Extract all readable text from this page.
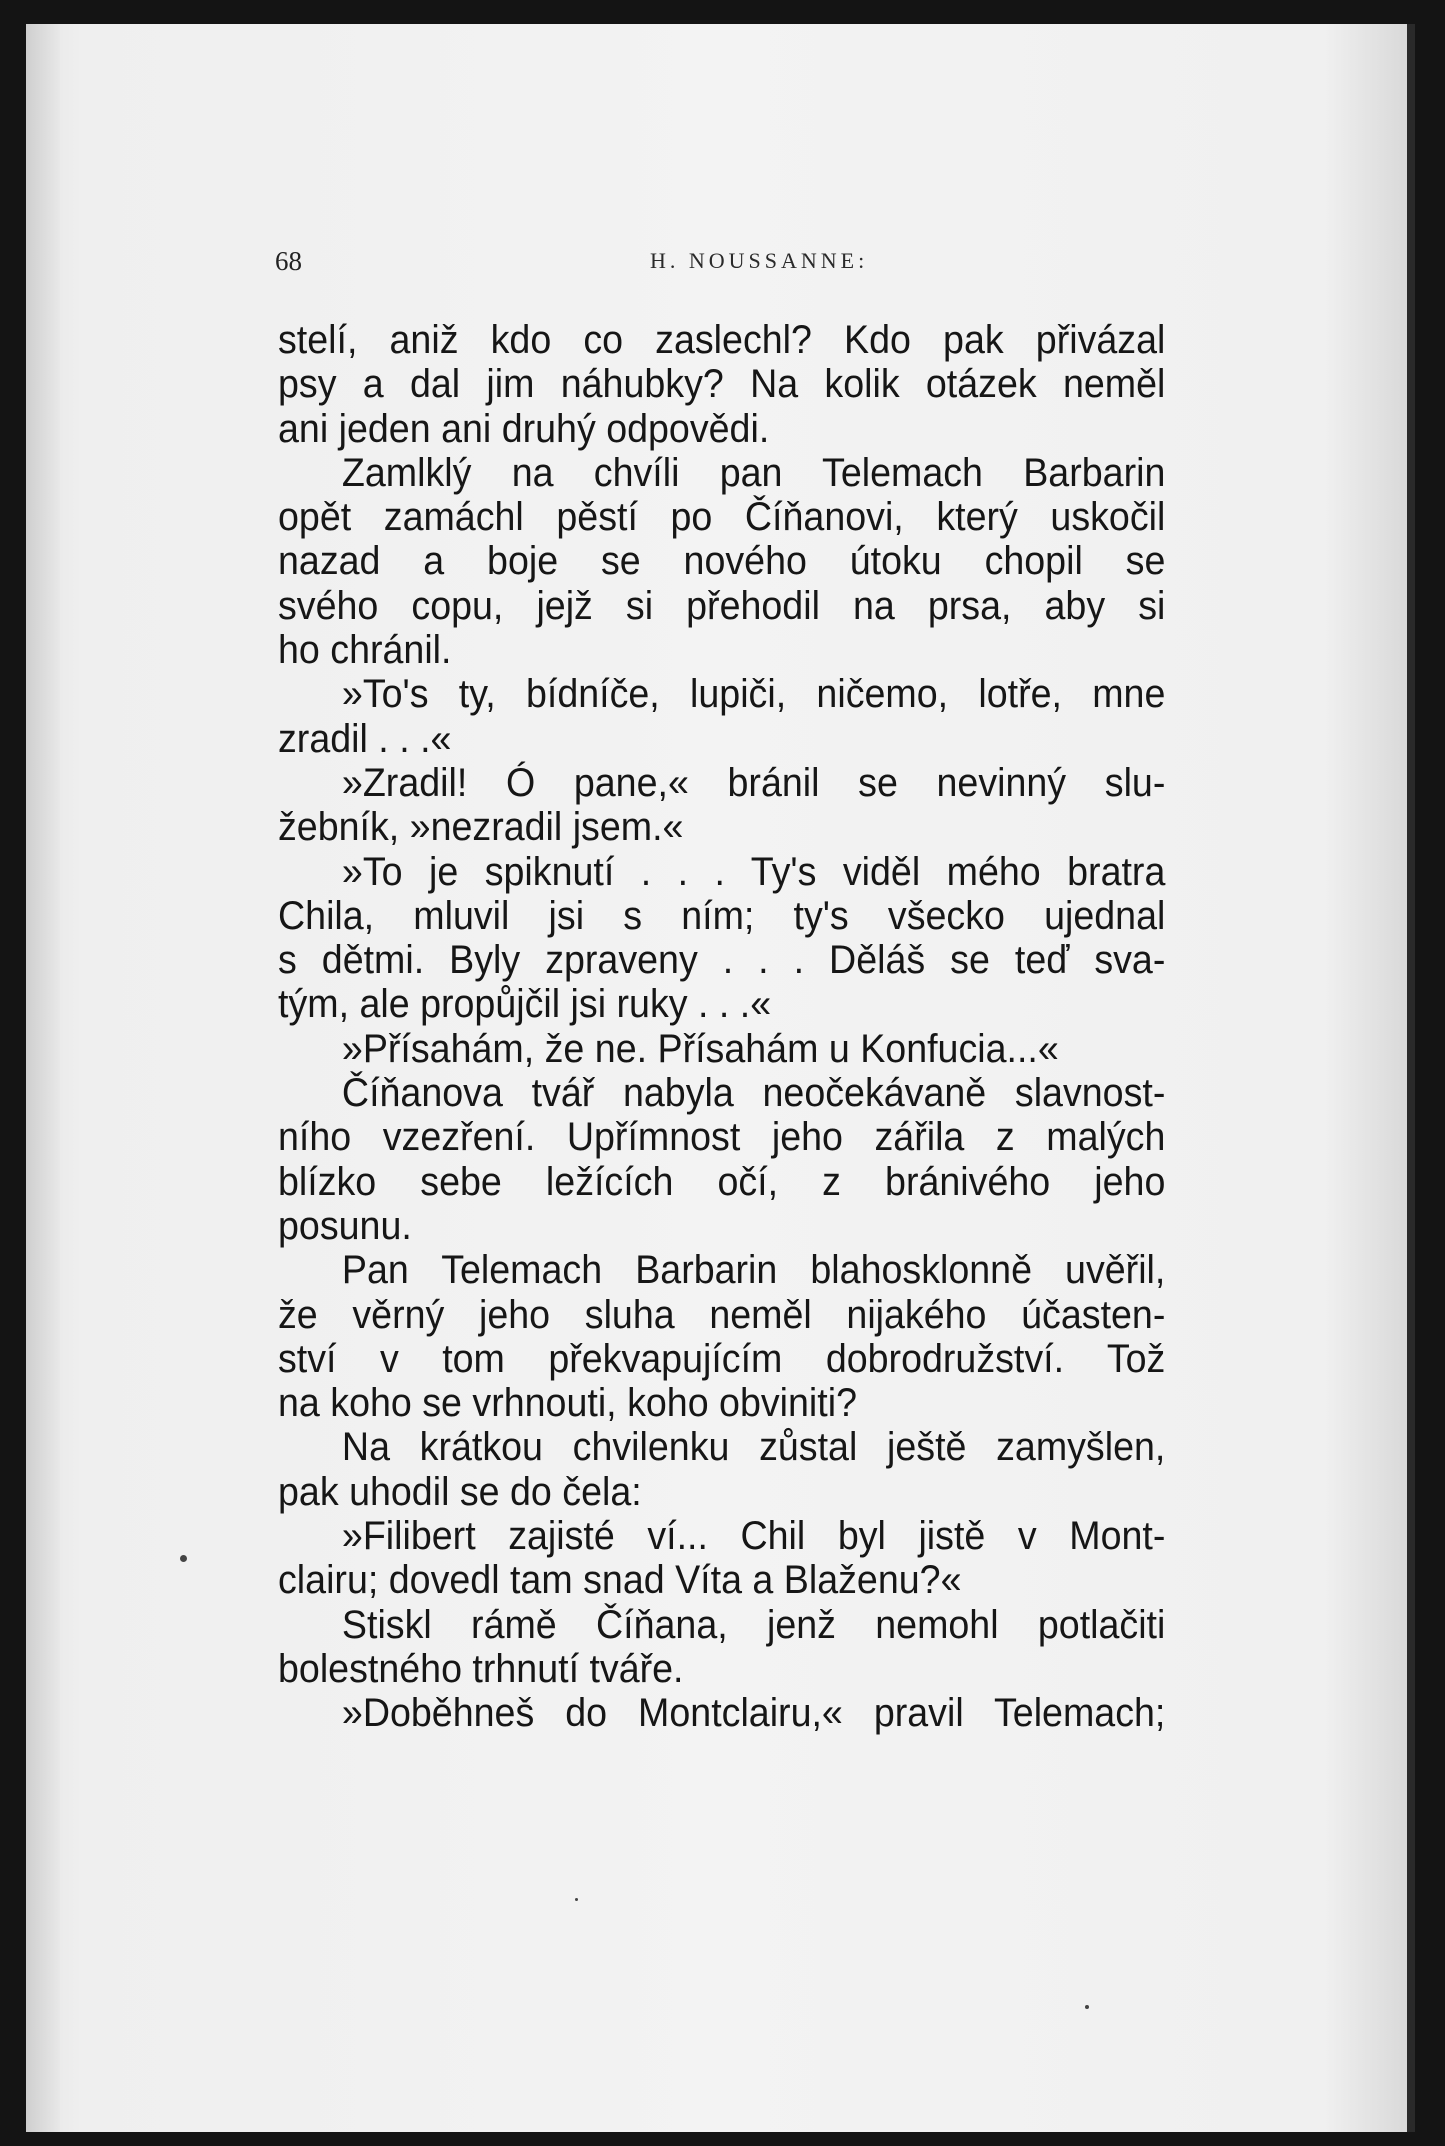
68	H. NOUSSANNE:
stelí, aniž kdo co zaslechl? Kdo pak přivázal
psy a dal jim náhubky? Na kolik otázek neměl
ani jeden ani druhý odpovědi.
Zamlklý na chvíli pan Telemach Barbarin
opět zamáchl pěstí po Číňanovi, který uskočil
nazad a boje se nového útoku chopil se
svého copu, jejž si přehodil na prsa, aby si
ho chránil.
»To's ty, bídníče, lupiči, ničemo, lotře, mne
zradil . . .«
»Zradil! Ó pane,« bránil se nevinný slu-
žebník, »nezradil jsem.«
»To je spiknutí . . . Ty's viděl mého bratra
Chila, mluvil jsi s ním; ty's všecko ujednal
s dětmi. Byly zpraveny . . . Děláš se teď sva-
tým, ale propůjčil jsi ruky . . .«
»Přísahám, že ne. Přísahám u Konfucia...«
Číňanova tvář nabyla neočekávaně slavnost-
ního vzezření. Upřímnost jeho zářila z malých
blízko sebe ležících očí, z bránivého jeho
posunu.
Pan Telemach Barbarin blahosklonně uvěřil,
že věrný jeho sluha neměl nijakého účasten-
ství v tom překvapujícím dobrodružství. Tož
na koho se vrhnouti, koho obviniti?
Na krátkou chvilenku zůstal ještě zamyšlen,
pak uhodil se do čela:
»Filibert zajisté ví... Chil byl jistě v Mont-
clairu; dovedl tam snad Víta a Blaženu?«
Stiskl rámě Číňana, jenž nemohl potlačiti
bolestného trhnutí tváře.
»Doběhneš do Montclairu,« pravil Telemach;
